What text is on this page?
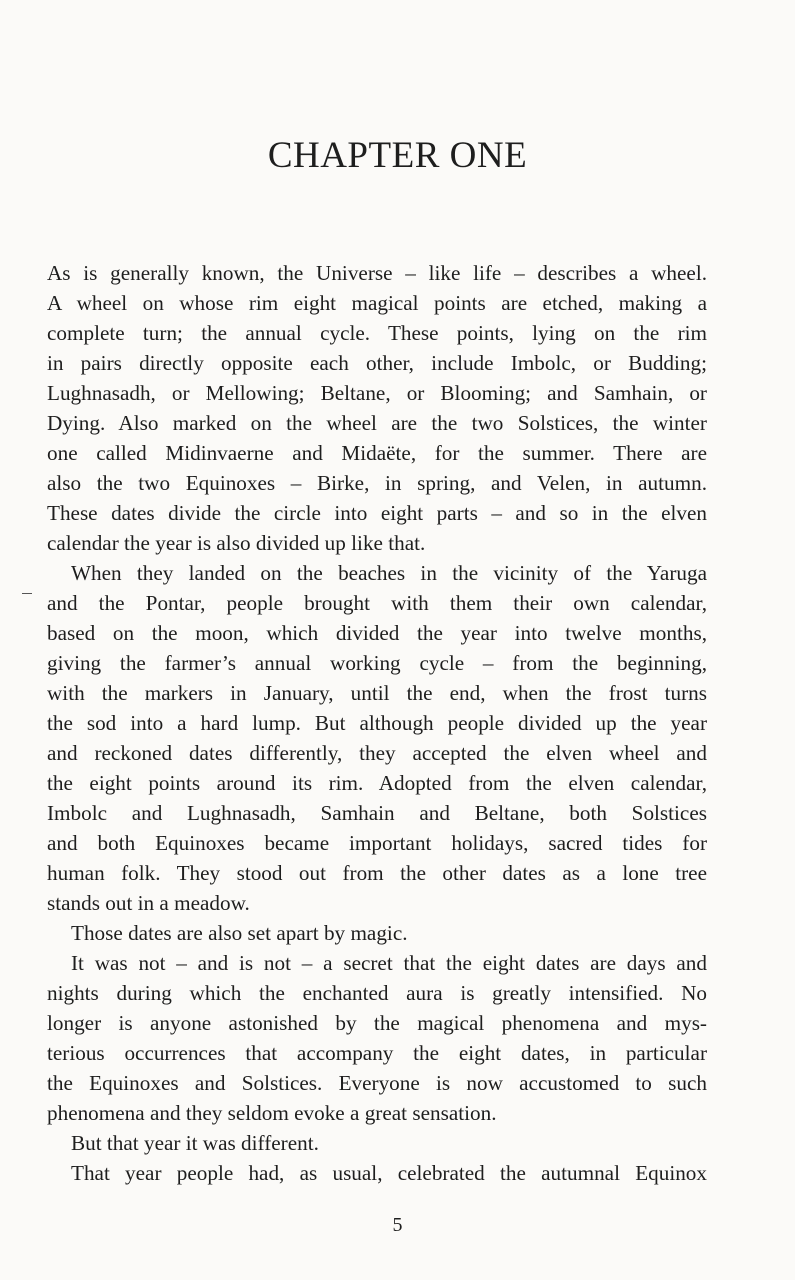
CHAPTER ONE
As is generally known, the Universe – like life – describes a wheel.
A wheel on whose rim eight magical points are etched, making a
complete turn; the annual cycle. These points, lying on the rim
in pairs directly opposite each other, include Imbolc, or Budding;
Lughnasadh, or Mellowing; Beltane, or Blooming; and Samhain, or
Dying. Also marked on the wheel are the two Solstices, the winter
one called Midinvaerne and Midaëte, for the summer. There are
also the two Equinoxes – Birke, in spring, and Velen, in autumn.
These dates divide the circle into eight parts – and so in the elven
calendar the year is also divided up like that.
When they landed on the beaches in the vicinity of the Yaruga
and the Pontar, people brought with them their own calendar,
based on the moon, which divided the year into twelve months,
giving the farmer’s annual working cycle – from the beginning,
with the markers in January, until the end, when the frost turns
the sod into a hard lump. But although people divided up the year
and reckoned dates differently, they accepted the elven wheel and
the eight points around its rim. Adopted from the elven calendar,
Imbolc and Lughnasadh, Samhain and Beltane, both Solstices
and both Equinoxes became important holidays, sacred tides for
human folk. They stood out from the other dates as a lone tree
stands out in a meadow.
Those dates are also set apart by magic.
It was not – and is not – a secret that the eight dates are days and
nights during which the enchanted aura is greatly intensified. No
longer is anyone astonished by the magical phenomena and mys-
terious occurrences that accompany the eight dates, in particular
the Equinoxes and Solstices. Everyone is now accustomed to such
phenomena and they seldom evoke a great sensation.
But that year it was different.
That year people had, as usual, celebrated the autumnal Equinox
5
